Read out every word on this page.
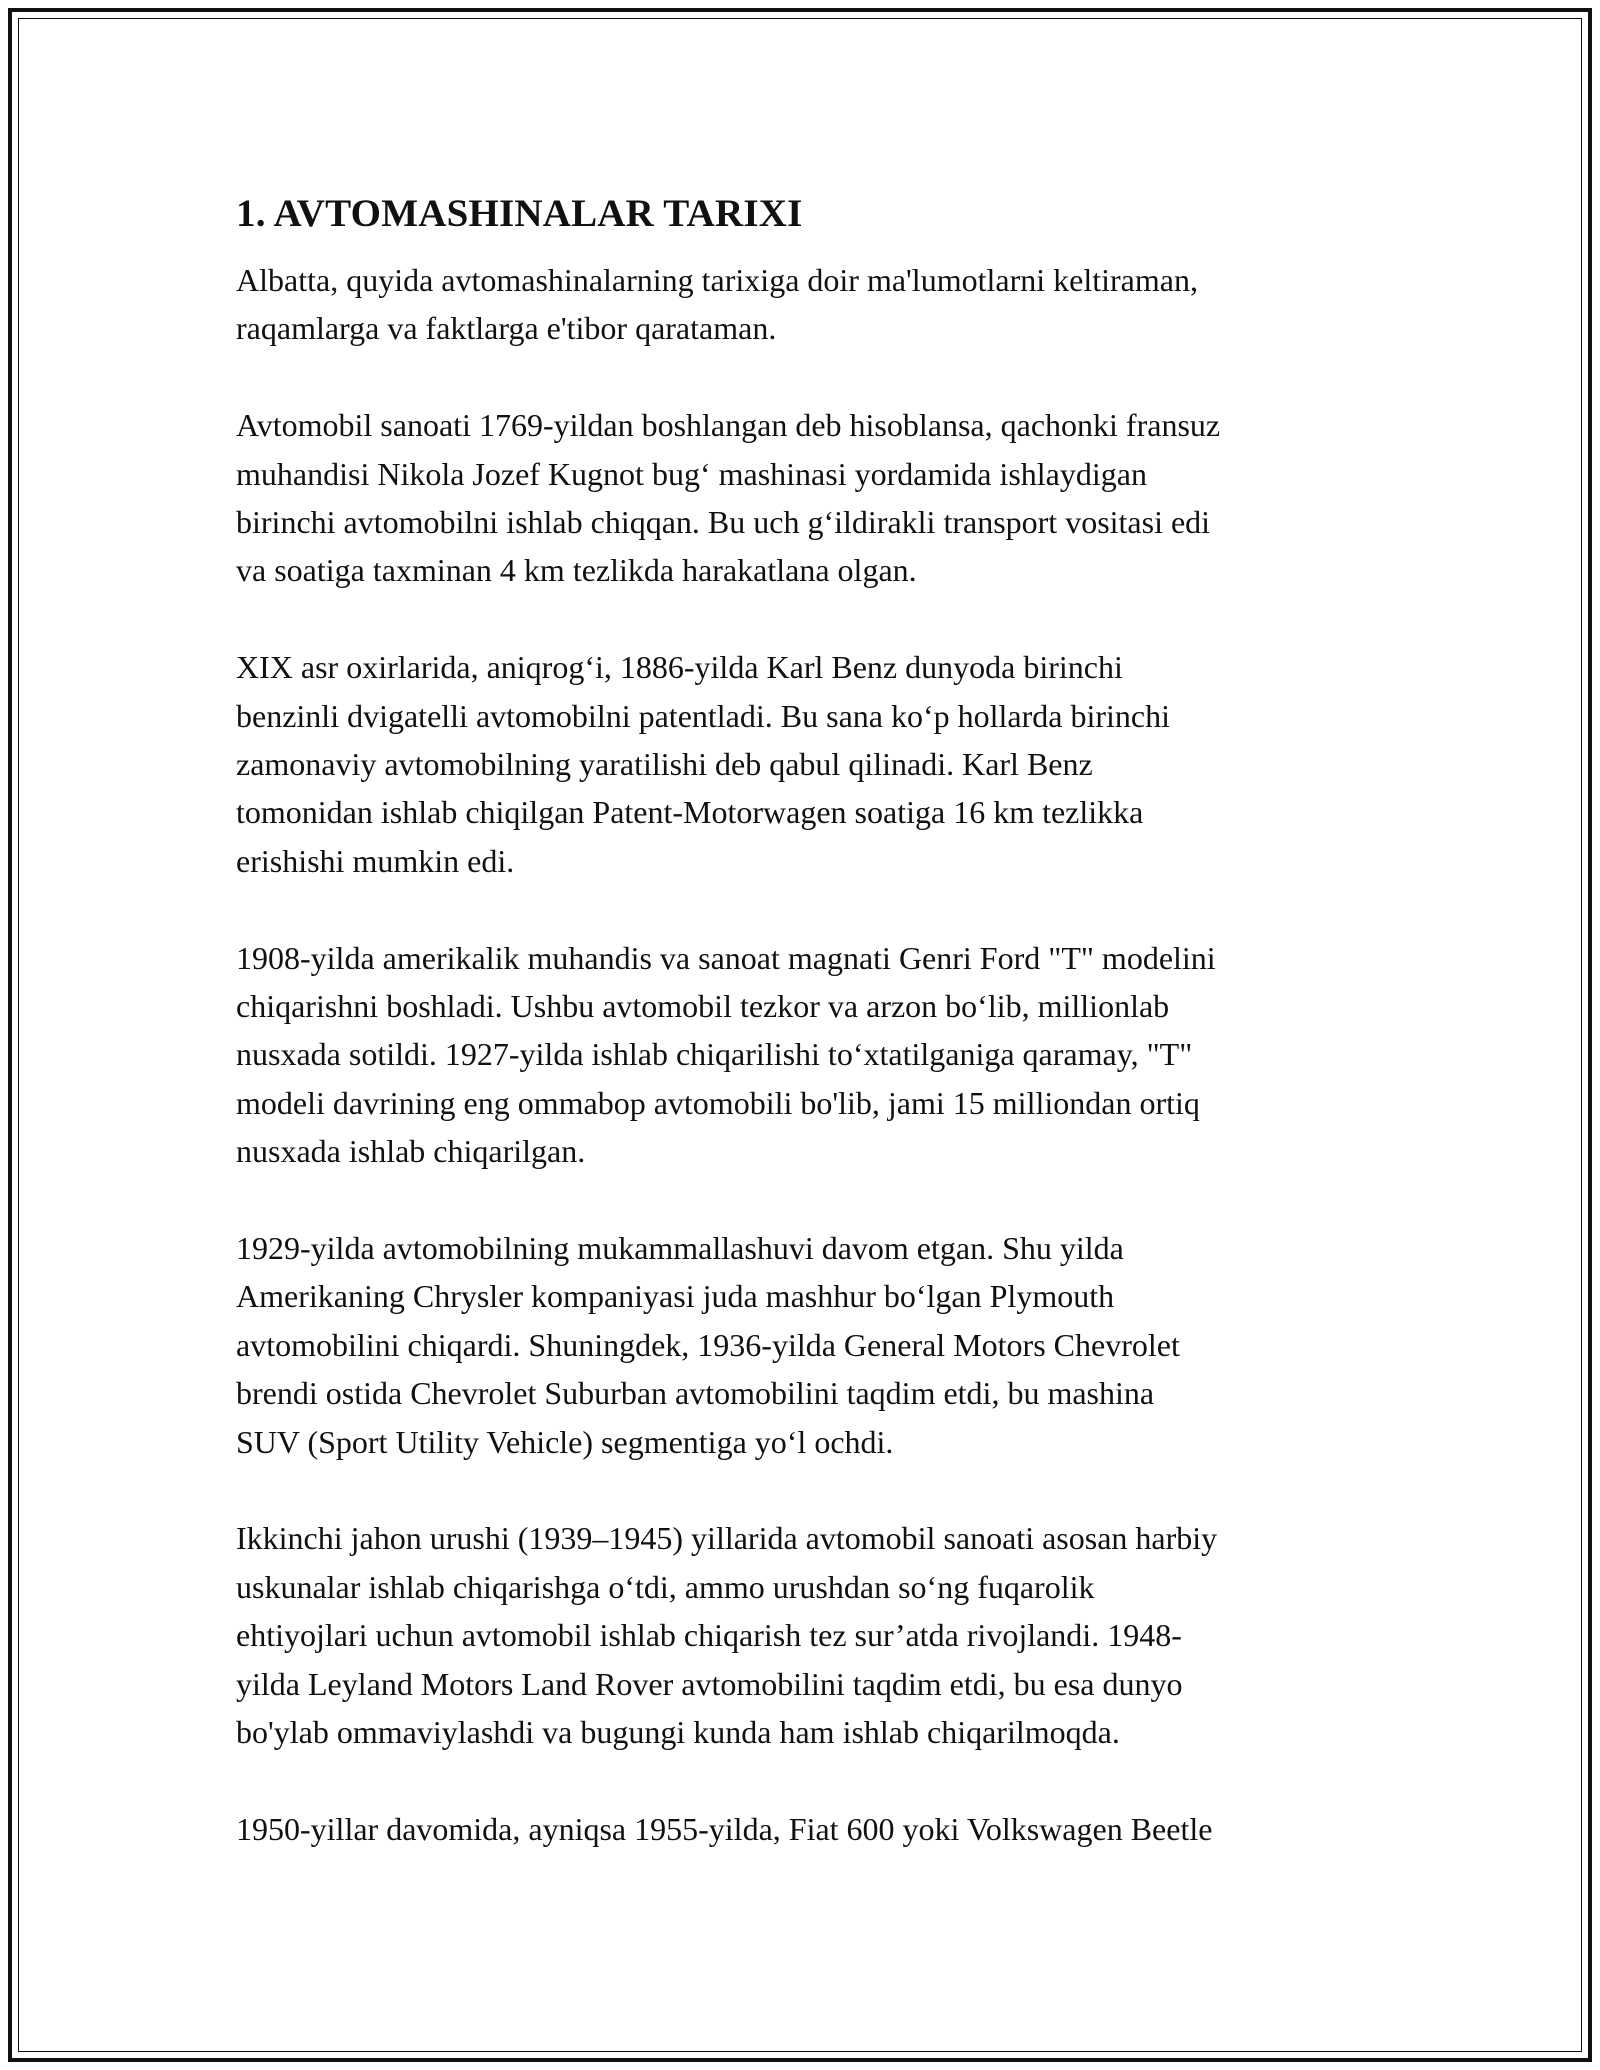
1. AVTOMASHINALAR TARIXI

Albatta, quyida avtomashinalarning tarixiga doir ma'lumotlarni keltiraman,
raqamlarga va faktlarga e'tibor qarataman.

Avtomobil sanoati 1769-yildan boshlangan deb hisoblansa, qachonki fransuz
muhandisi Nikola Jozef Kugnot bug‘ mashinasi yordamida ishlaydigan
birinchi avtomobilni ishlab chiqqan. Bu uch g‘ildirakli transport vositasi edi
va soatiga taxminan 4 km tezlikda harakatlana olgan.

XIX asr oxirlarida, aniqrog‘i, 1886-yilda Karl Benz dunyoda birinchi
benzinli dvigatelli avtomobilni patentladi. Bu sana ko‘p hollarda birinchi
zamonaviy avtomobilning yaratilishi deb qabul qilinadi. Karl Benz
tomonidan ishlab chiqilgan Patent-Motorwagen soatiga 16 km tezlikka
erishishi mumkin edi.

1908-yilda amerikalik muhandis va sanoat magnati Genri Ford "T" modelini
chiqarishni boshladi. Ushbu avtomobil tezkor va arzon bo‘lib, millionlab
nusxada sotildi. 1927-yilda ishlab chiqarilishi to‘xtatilganiga qaramay, "T"
modeli davrining eng ommabop avtomobili bo'lib, jami 15 milliondan ortiq
nusxada ishlab chiqarilgan.

1929-yilda avtomobilning mukammallashuvi davom etgan. Shu yilda
Amerikaning Chrysler kompaniyasi juda mashhur bo‘lgan Plymouth
avtomobilini chiqardi. Shuningdek, 1936-yilda General Motors Chevrolet
brendi ostida Chevrolet Suburban avtomobilini taqdim etdi, bu mashina
SUV (Sport Utility Vehicle) segmentiga yo‘l ochdi.

Ikkinchi jahon urushi (1939–1945) yillarida avtomobil sanoati asosan harbiy
uskunalar ishlab chiqarishga o‘tdi, ammo urushdan so‘ng fuqarolik
ehtiyojlari uchun avtomobil ishlab chiqarish tez sur’atda rivojlandi. 1948-
yilda Leyland Motors Land Rover avtomobilini taqdim etdi, bu esa dunyo
bo'ylab ommaviylashdi va bugungi kunda ham ishlab chiqarilmoqda.

1950-yillar davomida, ayniqsa 1955-yilda, Fiat 600 yoki Volkswagen Beetle
